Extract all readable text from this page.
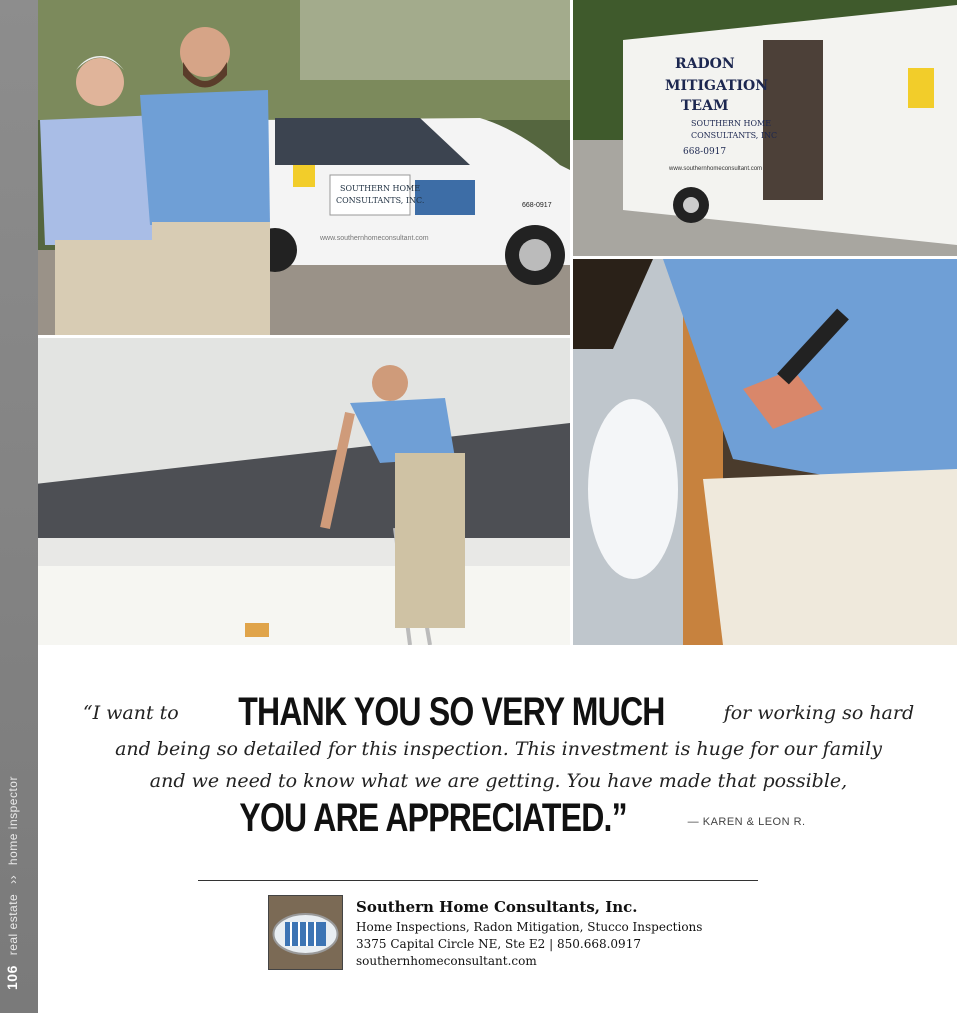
SOUTHERN HOME
CONSULTANTS, INC.
668-0917
www.southernhomeconsultant.com
RADON
MITIGATION
TEAM
SOUTHERN HOME
CONSULTANTS, INC
668-0917
www.southernhomeconsultant.com
106 real estate ›› home inspector
“I want to THANK YOU SO VERY MUCH	for working so hard
and being so detailed for this inspection. This investment is huge for our family
and we need to know what we are getting. You have made that possible,
YOU ARE APPRECIATED.”	— KAREN & LEON R.
Southern Home Consultants, Inc.
Home Inspections, Radon Mitigation, Stucco Inspections
3375 Capital Circle NE, Ste E2 | 850.668.0917
southernhomeconsultant.com
